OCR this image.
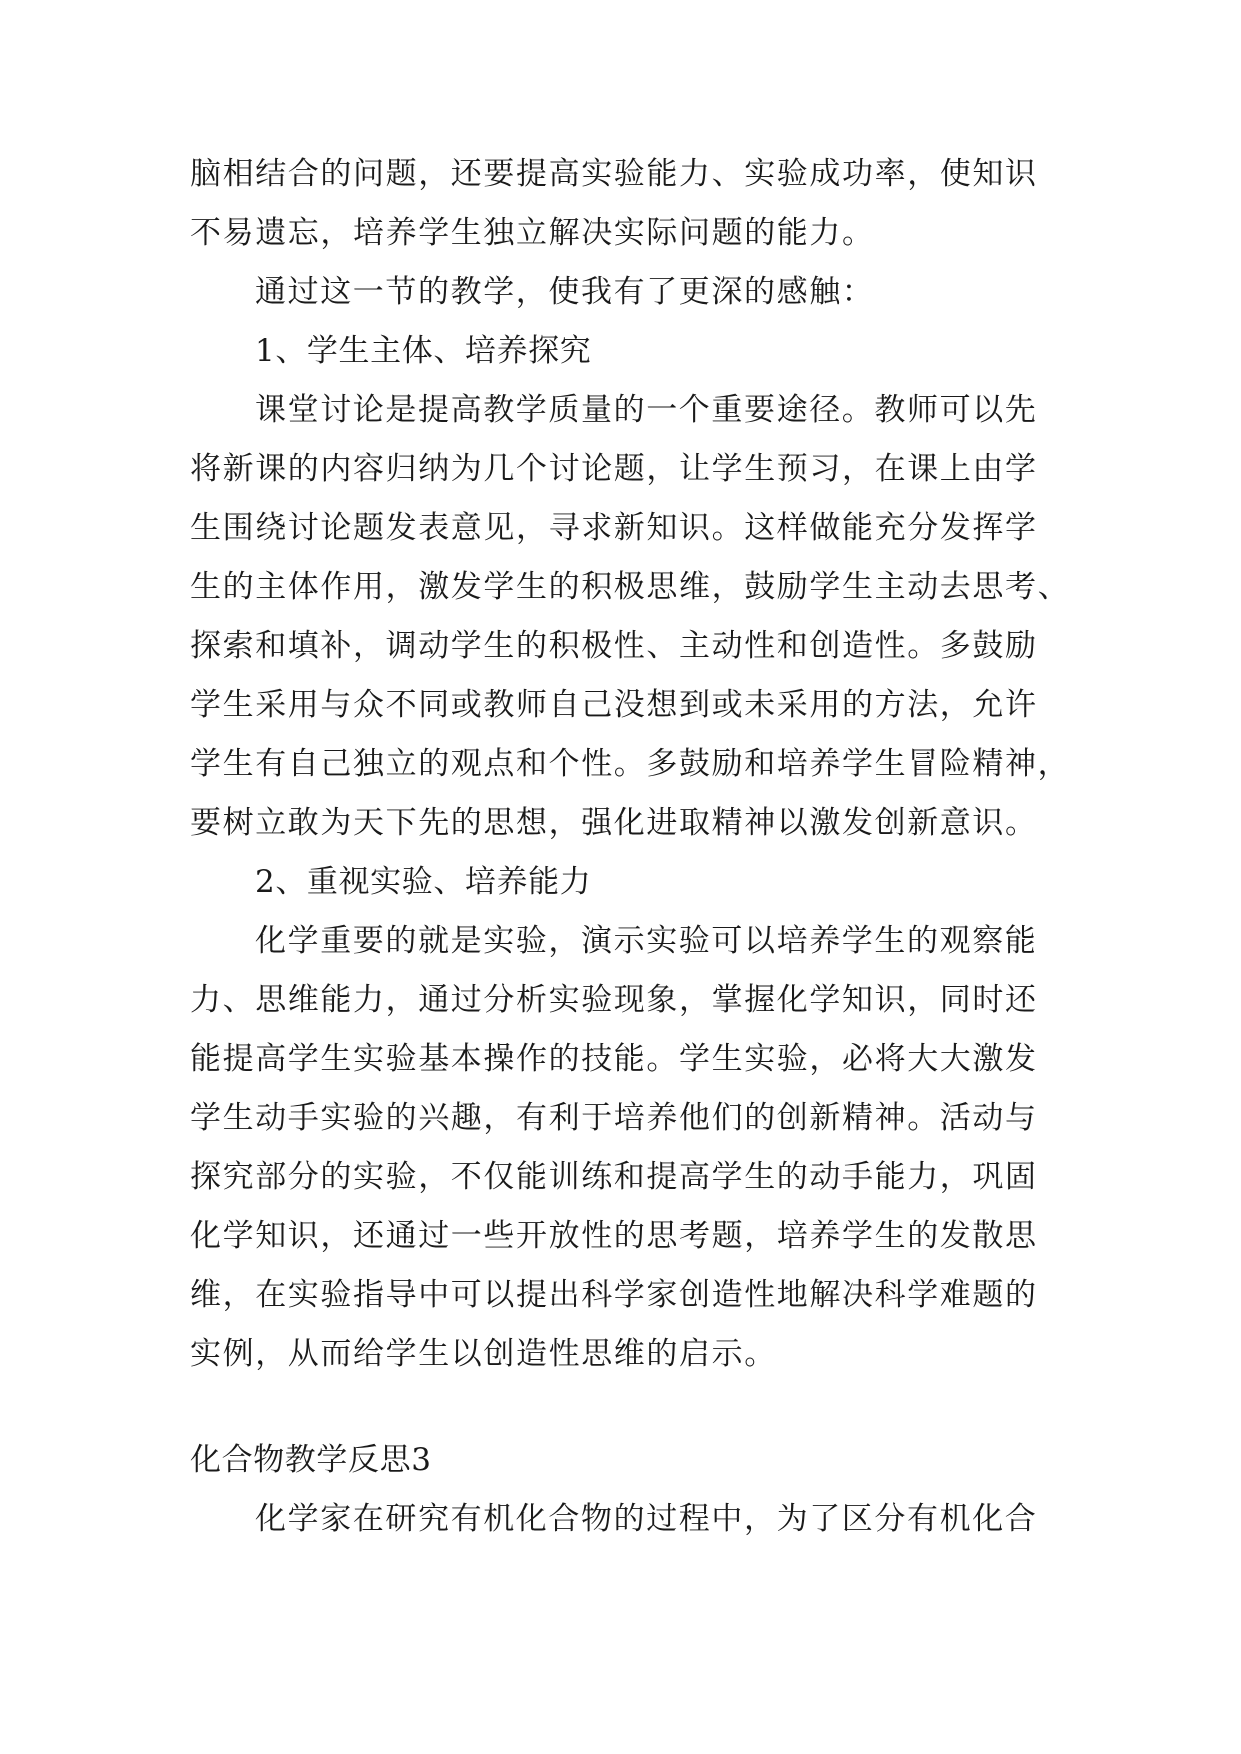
脑相结合的问题，还要提高实验能力、实验成功率，使知识
不易遗忘，培养学生独立解决实际问题的能力。
通过这一节的教学，使我有了更深的感触：
1、学生主体、培养探究
课堂讨论是提高教学质量的一个重要途径。教师可以先
将新课的内容归纳为几个讨论题，让学生预习，在课上由学
生围绕讨论题发表意见，寻求新知识。这样做能充分发挥学
生的主体作用，激发学生的积极思维，鼓励学生主动去思考、
探索和填补，调动学生的积极性、主动性和创造性。多鼓励
学生采用与众不同或教师自己没想到或未采用的方法，允许
学生有自己独立的观点和个性。多鼓励和培养学生冒险精神，
要树立敢为天下先的思想，强化进取精神以激发创新意识。
2、重视实验、培养能力
化学重要的就是实验，演示实验可以培养学生的观察能
力、思维能力，通过分析实验现象，掌握化学知识，同时还
能提高学生实验基本操作的技能。学生实验，必将大大激发
学生动手实验的兴趣，有利于培养他们的创新精神。活动与
探究部分的实验，不仅能训练和提高学生的动手能力，巩固
化学知识，还通过一些开放性的思考题，培养学生的发散思
维，在实验指导中可以提出科学家创造性地解决科学难题的
实例，从而给学生以创造性思维的启示。
化合物教学反思3
化学家在研究有机化合物的过程中，为了区分有机化合
